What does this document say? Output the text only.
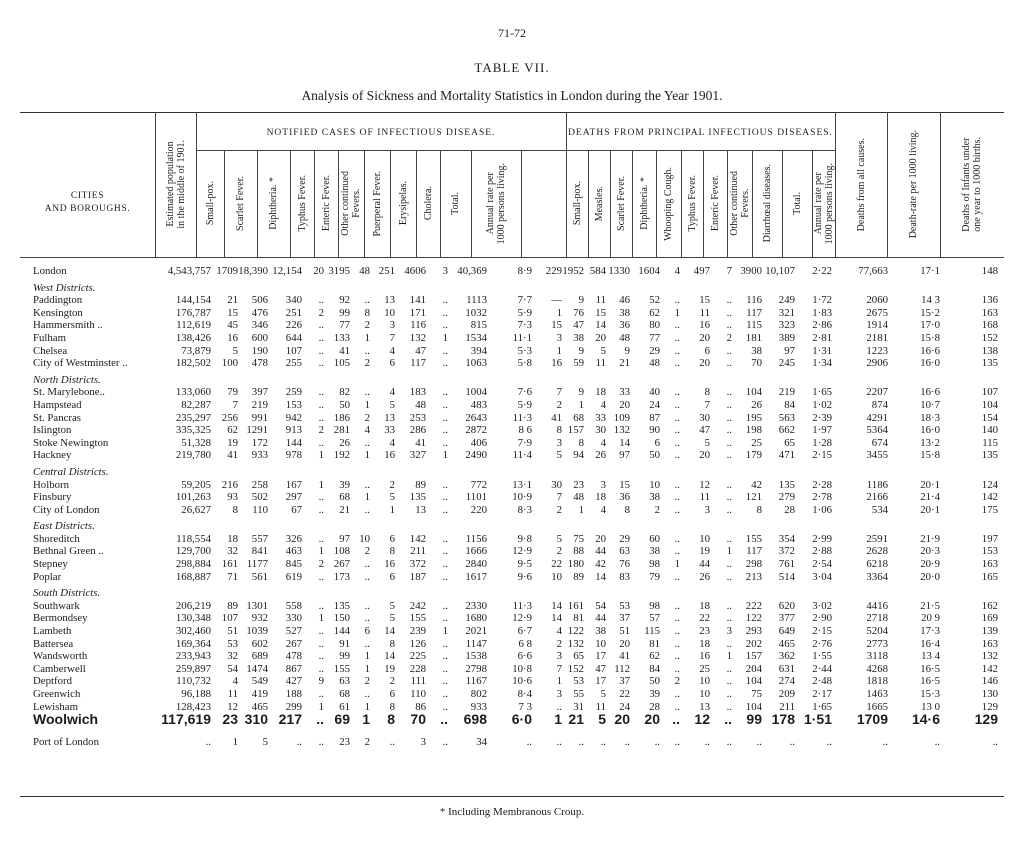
71-72
TABLE VII.
Analysis of Sickness and Mortality Statistics in London during the Year 1901.
CITIES
AND BOROUGHS.
NOTIFIED CASES OF INFECTIOUS DISEASE.	DEATHS FROM PRINCIPAL INFECTIOUS DISEASES.
Estimated population
in the middle of 1901.
Small-pox. Scarlet Fever. Diphtheria. * Typhus Fever. Enteric Fever. Other continued
Fevers. Puerperal Fever. Erysipelas. Cholera. Total.
Annual rate per
1000 persons living.
Small-pox. Measles. Scarlet Fever. Diphtheria. * Whooping Cough. Typhus Fever. Enteric Fever. Other continued
Fevers. Diarrhœal diseases. Total.
Annual rate per
1000 persons living. Deaths from all causes.	Death-rate per 1000 living.	Deaths of Infants under
one year to 1000 births.
London	4,543,757 1709 18,390 12,154 20 3195 48 251 4606 3 40,369	8·9 229 1952 584 1330 1604 4 497 7 3900 10,107 2·22 77,663	17·1	148
West Districts.
Paddington	144,154 21 506 340 .. 92 .. 13 141 .. 1113	7·7 — 9 11 46 52 .. 15 .. 116 249 1·72	2060	14 3	136
Kensington	176,787 15 476 251 2 99 8 10 171 .. 1032	5·9 1 76 15 38 62 1 11 .. 117 321 1·83	2675	15·2	163
Hammersmith ..	112,619 45 346 226 .. 77 2 3 116 .. 815	7·3 15 47 14 36 80 .. 16 .. 115 323 2·86	1914	17·0	168
Fulham	138,426 16 600 644 .. 133 1 7 132 1 1534 11·1 3 38 20 48 77 .. 20 2 181 389 2·81	2181	15·8	152
Chelsea	73,879 5 190 107 .. 41 .. 4 47 .. 394	5·3 1 9 5 9 29 .. 6 .. 38 97 1·31	1223	16·6	138
City of Westminster ..	182,502 100 478 255 .. 105 2 6 117 .. 1063	5·8 16 59 11 21 48 .. 20 .. 70 245 1·34	2906	16·0	135
North Districts.
St. Marylebone..	133,060 79 397 259 .. 82 .. 4 183 .. 1004	7·6 7 9 18 33 40 .. 8 .. 104 219 1·65	2207	16·6	107
Hampstead	82,287 7 219 153 .. 50 1 5 48 .. 483	5·9 2 1 4 20 24 .. 7 .. 26 84 1·02	874	10·7	104
St. Pancras	235,297 256 991 942 .. 186 2 13 253 .. 2643 11·3 41 68 33 109 87 .. 30 .. 195 563 2·39	4291	18·3	154
Islington	335,325 62 1291 913 2 281 4 33 286 .. 2872	8 6 8 157 30 132 90 .. 47 .. 198 662 1·97	5364	16·0	140
Stoke Newington	51,328 19 172 144 .. 26 .. 4 41 .. 406	7·9 3 8 4 14 6 .. 5 .. 25 65 1·28	674	13·2	115
Hackney	219,780 41 933 978 1 192 1 16 327 1 2490 11·4 5 94 26 97 50 .. 20 .. 179 471 2·15	3455	15·8	135
Central Districts.
Holborn	59,205 216 258 167 1 39 .. 2 89 .. 772 13·1 30 23 3 15 10 .. 12 .. 42 135 2·28	1186	20·1	124
Finsbury	101,263 93 502 297 .. 68 1 5 135 .. 1101 10·9 7 48 18 36 38 .. 11 .. 121 279 2·78	2166	21·4	142
City of London	26,627 8 110 67 .. 21 .. 1 13 .. 220	8·3 2 1 4 8 2 .. 3 .. 8 28 1·06	534	20·1	175
East Districts.
Shoreditch	118,554 18 557 326 .. 97 10 6 142 .. 1156	9·8 5 75 20 29 60 .. 10 .. 155 354 2·99	2591	21·9	197
Bethnal Green ..	129,700 32 841 463 1 108 2 8 211 .. 1666 12·9 2 88 44 63 38 .. 19 1 117 372 2·88	2628	20·3	153
Stepney	298,884 161 1177 845 2 267 .. 16 372 .. 2840	9·5 22 180 42 76 98 1 44 .. 298 761 2·54	6218	20·9	163
Poplar	168,887 71 561 619 .. 173 .. 6 187 .. 1617	9·6 10 89 14 83 79 .. 26 .. 213 514 3·04	3364	20·0	165
South Districts.
Southwark	206,219 89 1301 558 .. 135 .. 5 242 .. 2330 11·3 14 161 54 53 98 .. 18 .. 222 620 3·02	4416	21·5	162
Bermondsey	130,348 107 932 330 1 150 .. 5 155 .. 1680 12·9 14 81 44 37 57 .. 22 .. 122 377 2·90	2718	20 9	169
Lambeth	302,460 51 1039 527 .. 144 6 14 239 1 2021	6·7 4 122 38 51 115 .. 23 3 293 649 2·15	5204	17·3	139
Battersea	169,364 53 602 267 .. 91 .. 8 126 .. 1147	6 8 2 132 10 20 81 .. 18 .. 202 465 2·76	2773	16·4	163
Wandsworth	233,943 32 689 478 .. 99 1 14 225 .. 1538	6·6 3 65 17 41 62 .. 16 1 157 362 1·55	3118	13 4	132
Camberwell	259,897 54 1474 867 .. 155 1 19 228 .. 2798 10·8 7 152 47 112 84 .. 25 .. 204 631 2·44	4268	16·5	142
Deptford	110,732 4 549 427 9 63 2 2 111 .. 1167 10·6 1 53 17 37 50 2 10 .. 104 274 2·48	1818	16·5	146
Greenwich	96,188 11 419 188 .. 68 .. 6 110 .. 802	8·4 3 55 5 22 39 .. 10 .. 75 209 2·17	1463	15·3	130
Lewisham	128,423 12 465 299 1 61 1 8 86 .. 933	7 3 .. 31 11 24 28 .. 13 .. 104 211 1·65	1665	13 0	129
Woolwich	117,619 23 310 217 .. 69 1 8 70 .. 698 6·0 1 21 5 20 20 .. 12 .. 99 178 1·51 1709 14·6 129
Port of London	.. 1 5	.. .. 23 2 .. 3 ..	34	.. .. .. .. .. .. .. .. .. ..	..	..	..	..	..
* Including Membranous Croup.
